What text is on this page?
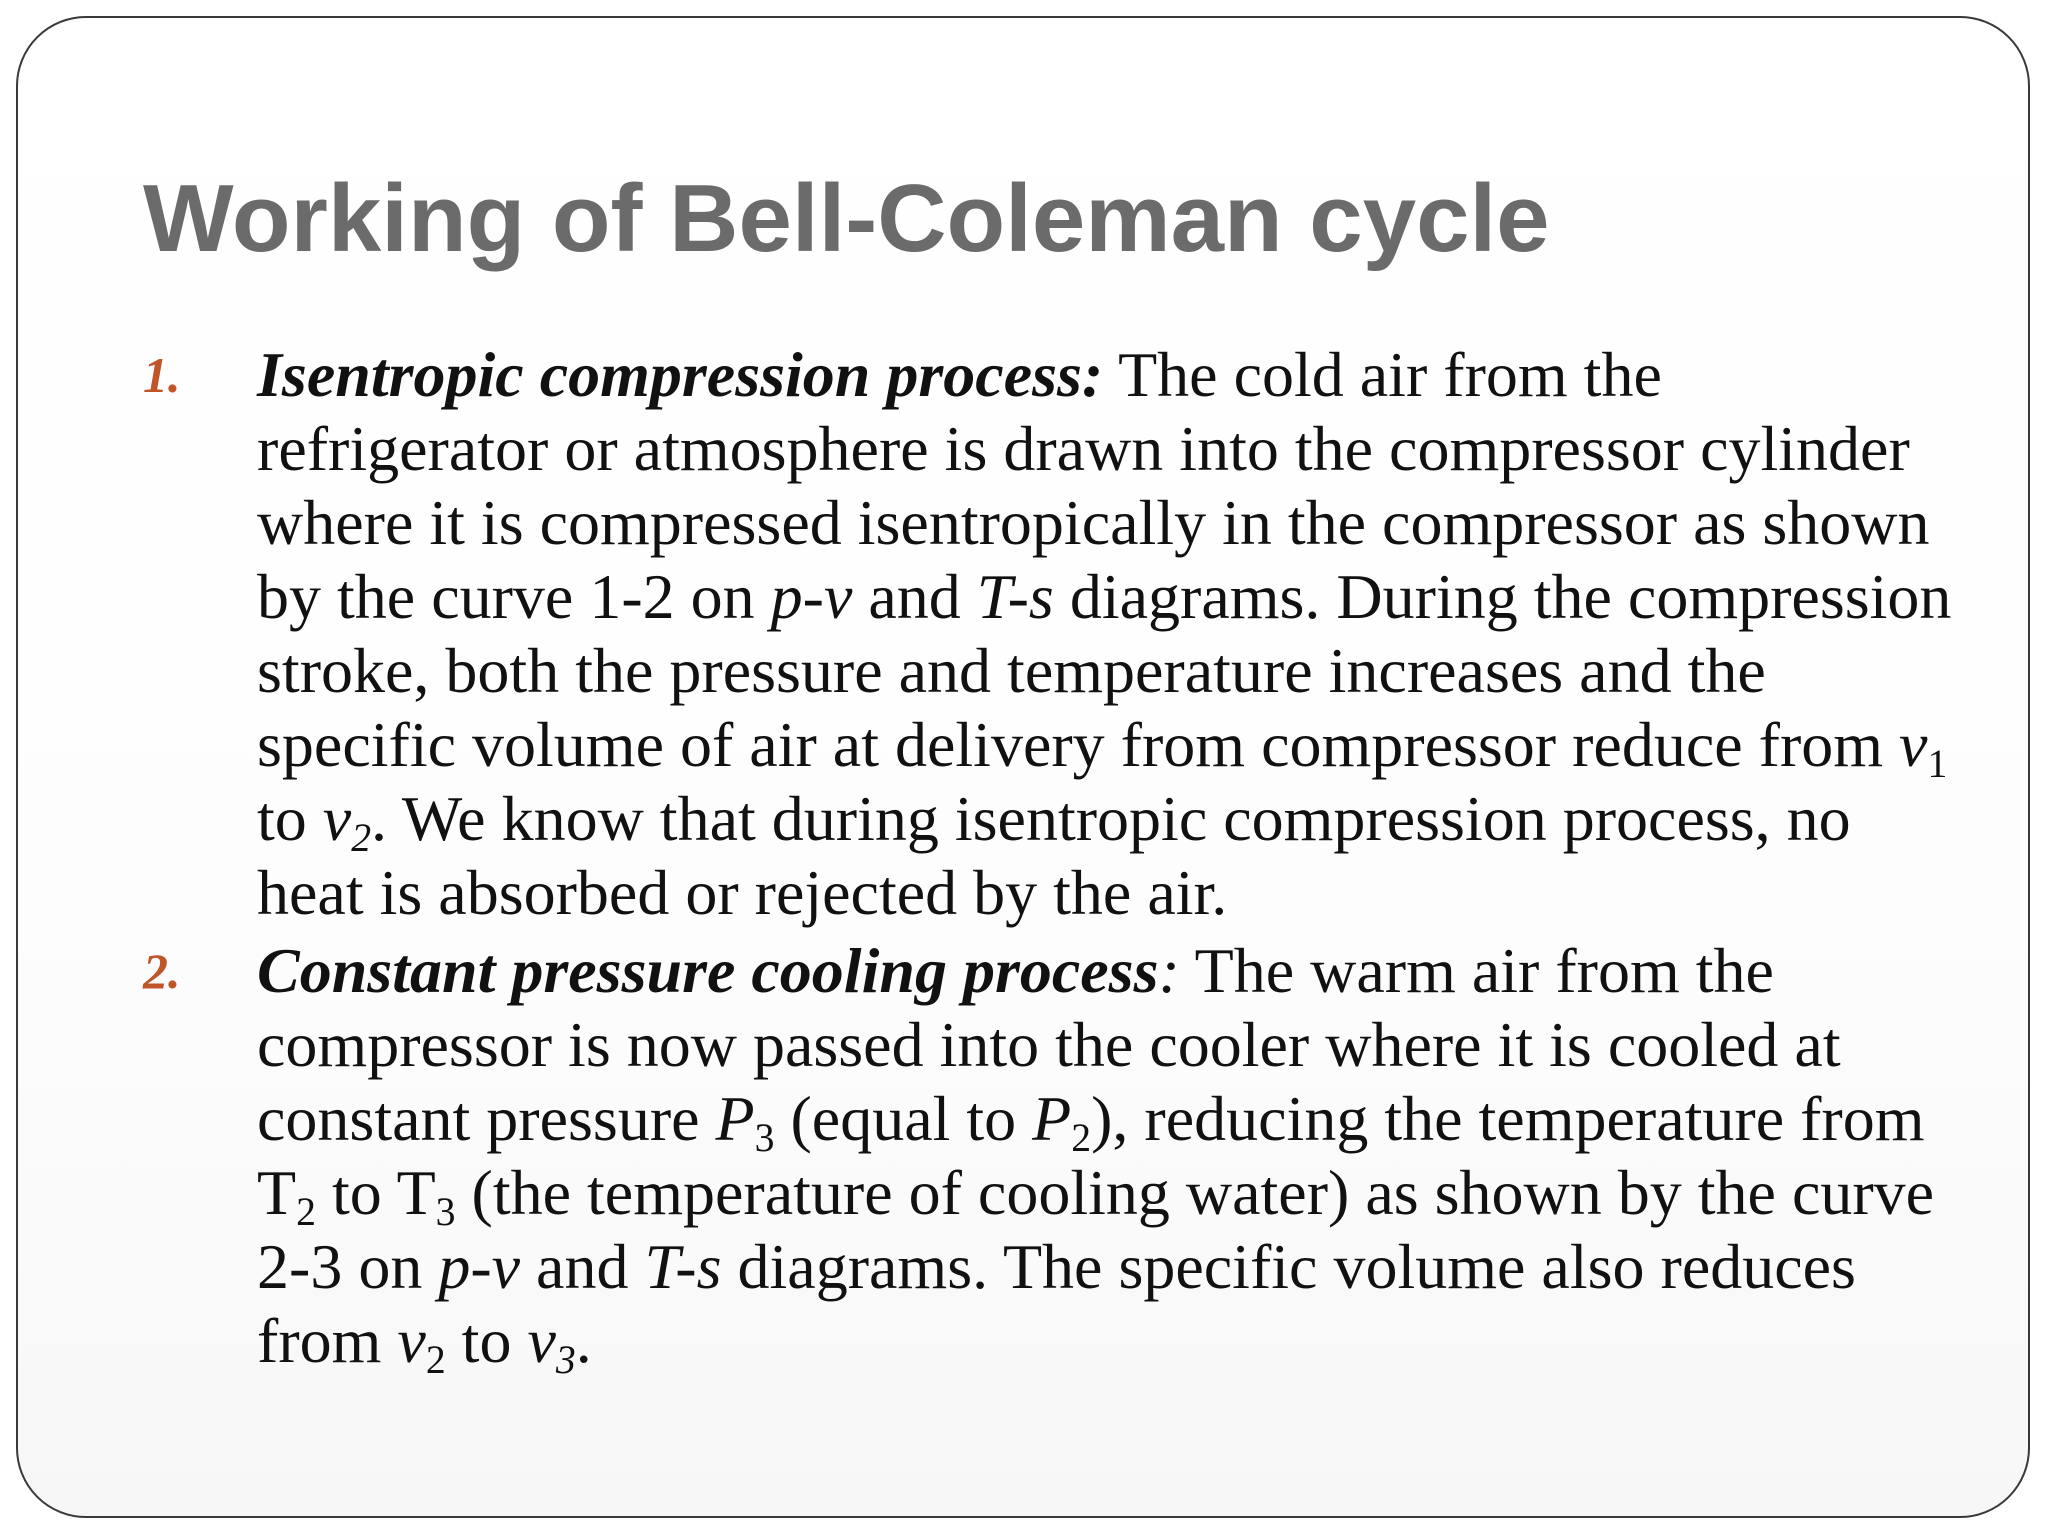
Working of Bell-Coleman cycle
1. Isentropic compression process: The cold air from the refrigerator or atmosphere is drawn into the compressor cylinder where it is compressed isentropically in the compressor as shown by the curve 1-2 on p-v and T-s diagrams. During the compression stroke, both the pressure and temperature increases and the specific volume of air at delivery from compressor reduce from $v_1$ to $v_2$. We know that during isentropic compression process, no heat is absorbed or rejected by the air.

2. Constant pressure cooling process: The warm air from the compressor is now passed into the cooler where it is cooled at constant pressure $P_3$ (equal to $P_2$), reducing the temperature from $T_2$ to $T_3$ (the temperature of cooling water) as shown by the curve 2-3 on p-v and T-s diagrams. The specific volume also reduces from $v_2$ to $v_3$.
